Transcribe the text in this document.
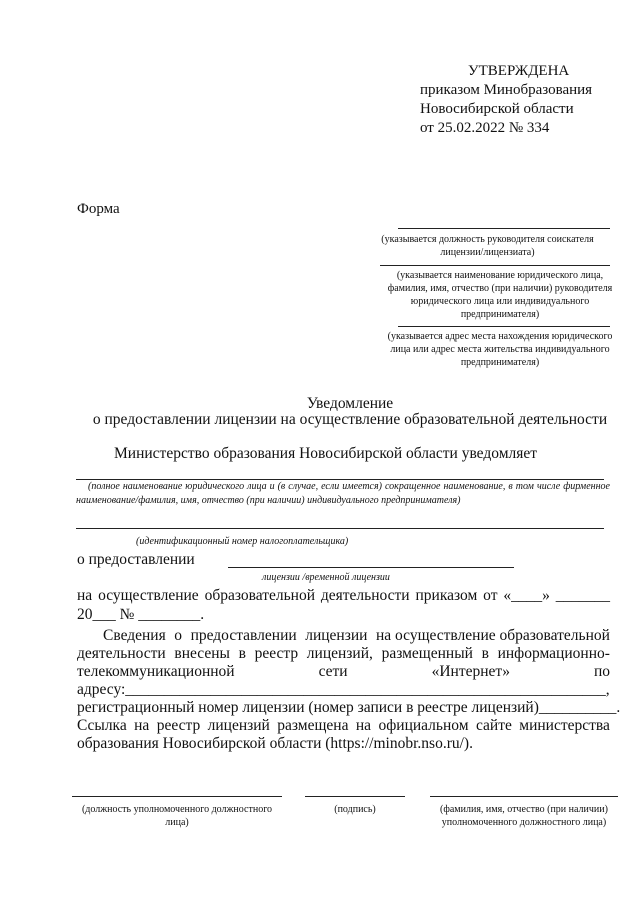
УТВЕРЖДЕНА
приказом Минобразования
Новосибирской области
от 25.02.2022 № 334
Форма
(указывается должность руководителя соискателя лицензии/лицензиата)
(указывается наименование юридического лица, фамилия, имя, отчество (при наличии) руководителя юридического лица или индивидуального предпринимателя)
(указывается адрес места нахождения юридического лица или адрес места жительства индивидуального предпринимателя)
Уведомление
о предоставлении лицензии на осуществление образовательной деятельности
Министерство образования Новосибирской области уведомляет
(полное наименование юридического лица и (в случае, если имеется) сокращенное наименование, в том числе фирменное наименование/фамилия, имя, отчество (при наличии) индивидуального предпринимателя)
(идентификационный номер налогоплательщика)
о предоставлении
лицензии /временной лицензии
на осуществление образовательной деятельности приказом от «____» _______
20___ № ________.
Сведения о предоставлении лицензии на осуществление образовательной
деятельности внесены в реестр лицензий, размещенный в информационно-
телекоммуникационной	сети	«Интернет»	по
адресу:______________________________________________________________,
регистрационный номер лицензии (номер записи в реестре лицензий)__________.
Ссылка на реестр лицензий размещена на официальном сайте министерства
образования Новосибирской области (https://minobr.nso.ru/).
(должность уполномоченного должностного лица)
(подпись)	(фамилия, имя, отчество (при наличии) уполномоченного должностного лица)
